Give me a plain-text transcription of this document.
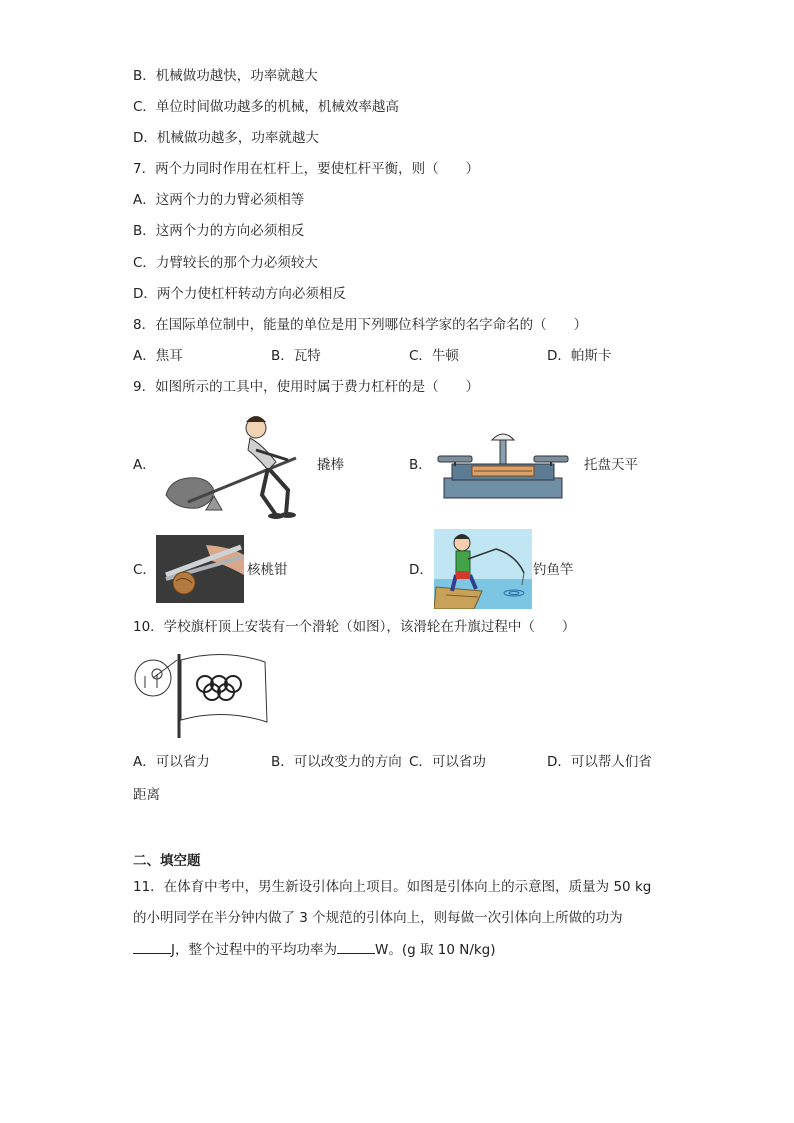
B．机械做功越快，功率就越大
C．单位时间做功越多的机械，机械效率越高
D．机械做功越多，功率就越大
7．两个力同时作用在杠杆上，要使杠杆平衡，则（　　）
A．这两个力的力臂必须相等
B．这两个力的方向必须相反
C．力臂较长的那个力必须较大
D．两个力使杠杆转动方向必须相反
8．在国际单位制中，能量的单位是用下列哪位科学家的名字命名的（　　）
A．焦耳	B．瓦特	C．牛顿	D．帕斯卡
9．如图所示的工具中，使用时属于费力杠杆的是（　　）
A．	撬棒	B．	托盘天平
C．	核桃钳	D．	钓鱼竿
10．学校旗杆顶上安装有一个滑轮（如图），该滑轮在升旗过程中（　　）
A．可以省力	B．可以改变力的方向 C．可以省功	D．可以帮人们省
距离
二、填空题
11．在体育中考中，男生新设引体向上项目。如图是引体向上的示意图，质量为 50 kg
的小明同学在半分钟内做了 3 个规范的引体向上，则每做一次引体向上所做的功为
J，整个过程中的平均功率为	W。(g 取 10 N/kg)
